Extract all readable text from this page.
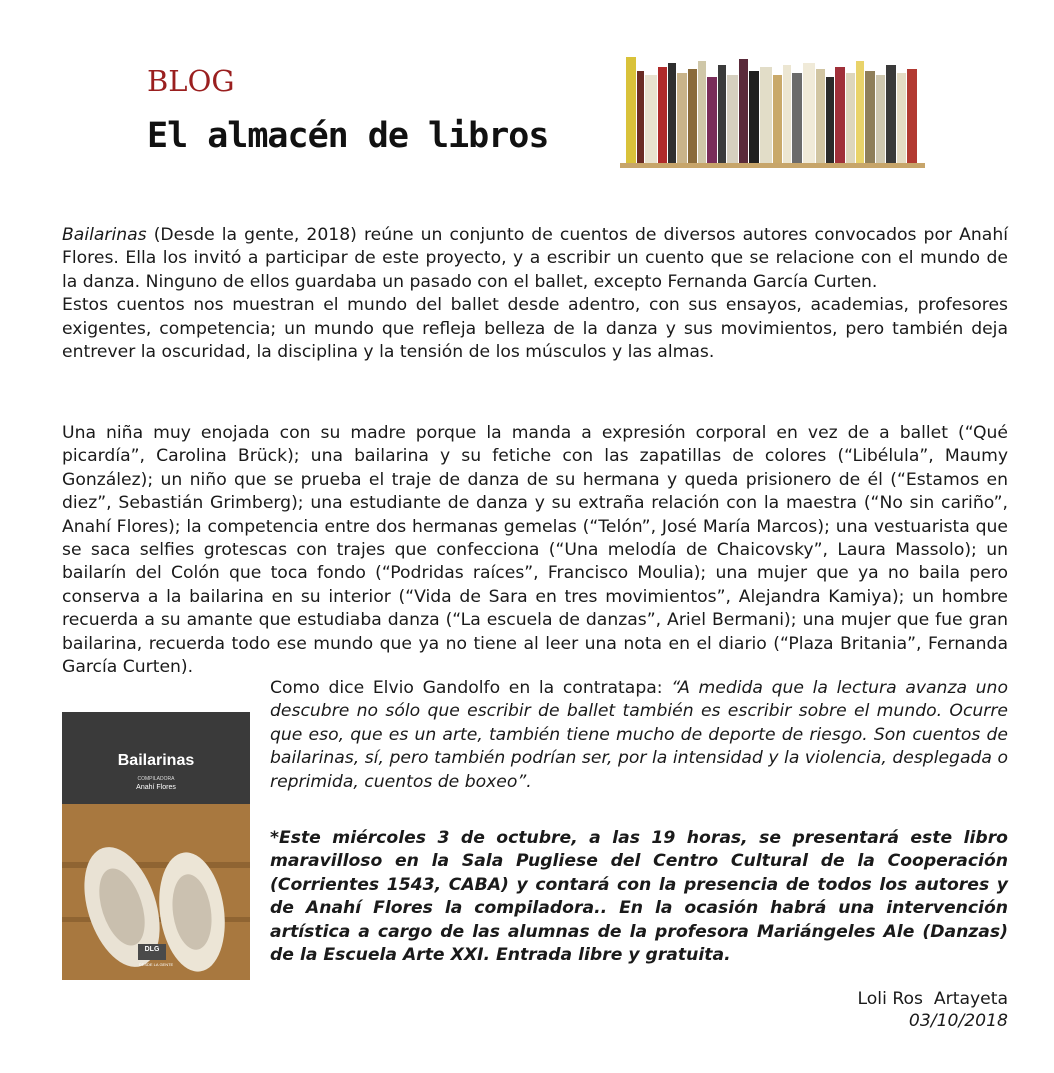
BLOG
El almacén de libros
Bailarinas (Desde la gente, 2018) reúne un conjunto de cuentos de diversos autores convocados por Anahí Flores. Ella los invitó a participar de este proyecto, y a escribir un cuento que se relacione con el mundo de la danza. Ninguno de ellos guardaba un pasado con el ballet, excepto Fernanda García Curten.
Estos cuentos nos muestran el mundo del ballet desde adentro, con sus ensayos, academias, profesores exigentes, competencia; un mundo que refleja belleza de la danza y sus movimientos, pero también deja entrever la oscuridad, la disciplina y la tensión de los músculos y las almas.
Una niña muy enojada con su madre porque la manda a expresión corporal en vez de a ballet (“Qué picardía”, Carolina Brück); una bailarina y su fetiche con las zapatillas de colores (“Libélula”, Maumy González); un niño que se prueba el traje de danza de su hermana y queda prisionero de él (“Estamos en diez”, Sebastián Grimberg); una estudiante de danza y su extraña relación con la maestra (“No sin cariño”, Anahí Flores); la competencia entre dos hermanas gemelas (“Telón”, José María Marcos); una vestuarista que se saca selfies grotescas con trajes que confecciona (“Una melodía de Chaicovsky”, Laura Massolo); un bailarín del Colón que toca fondo (“Podridas raíces”, Francisco Moulia); una mujer que ya no baila pero conserva a la bailarina en su interior (“Vida de Sara en tres movimientos”, Alejandra Kamiya); un hombre recuerda a su amante que estudiaba danza (“La escuela de danzas”, Ariel Bermani); una mujer que fue gran bailarina, recuerda todo ese mundo que ya no tiene al leer una nota en el diario (“Plaza Britania”, Fernanda García Curten).
Como dice Elvio Gandolfo en la contratapa: “A medida que la lectura avanza uno descubre no sólo que escribir de ballet también es escribir sobre el mundo. Ocurre que eso, que es un arte, también tiene mucho de deporte de riesgo. Son cuentos de bailarinas, sí, pero también podrían ser, por la intensidad y la violencia, desplegada o reprimida, cuentos de boxeo”.
*Este miércoles 3 de octubre, a las 19 horas, se presentará este libro maravilloso en la Sala Pugliese del Centro Cultural de la Cooperación (Corrientes 1543, CABA) y contará con la presencia de todos los autores y de Anahí Flores la compiladora.. En la ocasión habrá una intervención artística a cargo de las alumnas de la profesora Mariángeles Ale (Danzas) de la Escuela Arte XXI. Entrada libre y gratuita.
Bailarinas
COMPILADORA
Anahí Flores
DLG
DESDE LA GENTE
Loli Ros  Artayeta
03/10/2018
